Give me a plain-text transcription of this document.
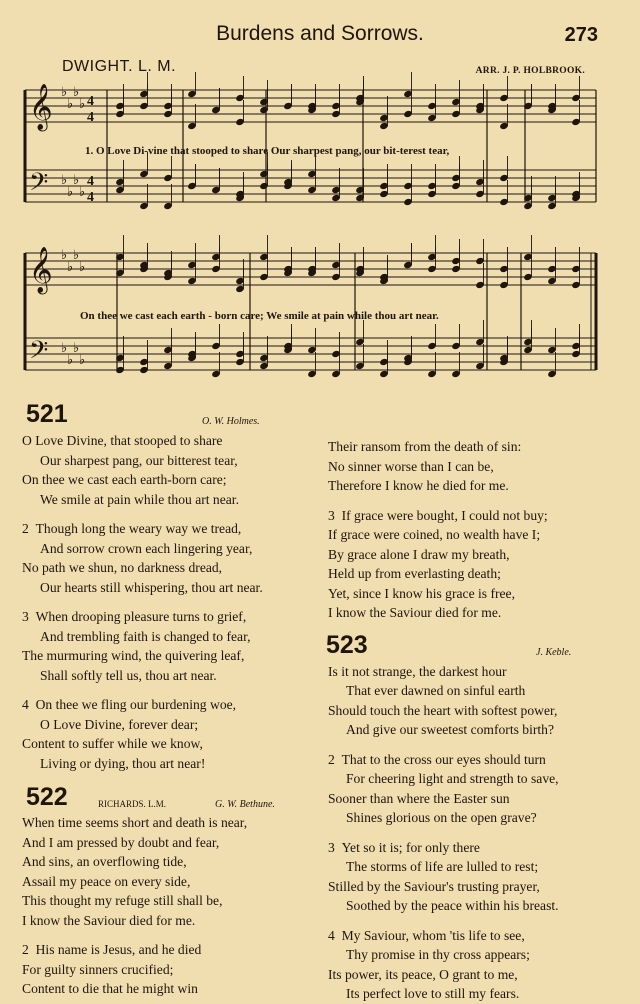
Burdens and Sorrows.	273
DWIGHT. L. M.	ARR. J. P. HOLBROOK.
𝄞 ♭
♭
♭
♭ 4
4
𝄢 ♭
♭
♭
♭
4
4
𝄞 ♭
♭
♭
♭
𝄢 ♭
♭
♭
♭
1. O Love Di-vine that stooped to share Our sharpest pang, our bit-terest tear,
On thee we cast each earth - born care; We smile at pain while thou art near.
521	O. W. Holmes.
O Love Divine, that stooped to share
Our sharpest pang, our bitterest tear,
On thee we cast each earth-born care;
We smile at pain while thou art near.
2 Though long the weary way we tread,
And sorrow crown each lingering year,
No path we shun, no darkness dread,
Our hearts still whispering, thou art near.
3 When drooping pleasure turns to grief,
And trembling faith is changed to fear,
The murmuring wind, the quivering leaf,
Shall softly tell us, thou art near.
4 On thee we fling our burdening woe,
O Love Divine, forever dear;
Content to suffer while we know,
Living or dying, thou art near!
522	RICHARDS. L.M.	G. W. Bethune.
When time seems short and death is near,
And I am pressed by doubt and fear,
And sins, an overflowing tide,
Assail my peace on every side,
This thought my refuge still shall be,
I know the Saviour died for me.
2 His name is Jesus, and he died
For guilty sinners crucified;
Content to die that he might win
Their ransom from the death of sin:
No sinner worse than I can be,
Therefore I know he died for me.
3 If grace were bought, I could not buy;
If grace were coined, no wealth have I;
By grace alone I draw my breath,
Held up from everlasting death;
Yet, since I know his grace is free,
I know the Saviour died for me.
523	J. Keble.
Is it not strange, the darkest hour
That ever dawned on sinful earth
Should touch the heart with softest power,
And give our sweetest comforts birth?
2 That to the cross our eyes should turn
For cheering light and strength to save,
Sooner than where the Easter sun
Shines glorious on the open grave?
3 Yet so it is; for only there
The storms of life are lulled to rest;
Stilled by the Saviour's trusting prayer,
Soothed by the peace within his breast.
4 My Saviour, whom 'tis life to see,
Thy promise in thy cross appears;
Its power, its peace, O grant to me,
Its perfect love to still my fears.
